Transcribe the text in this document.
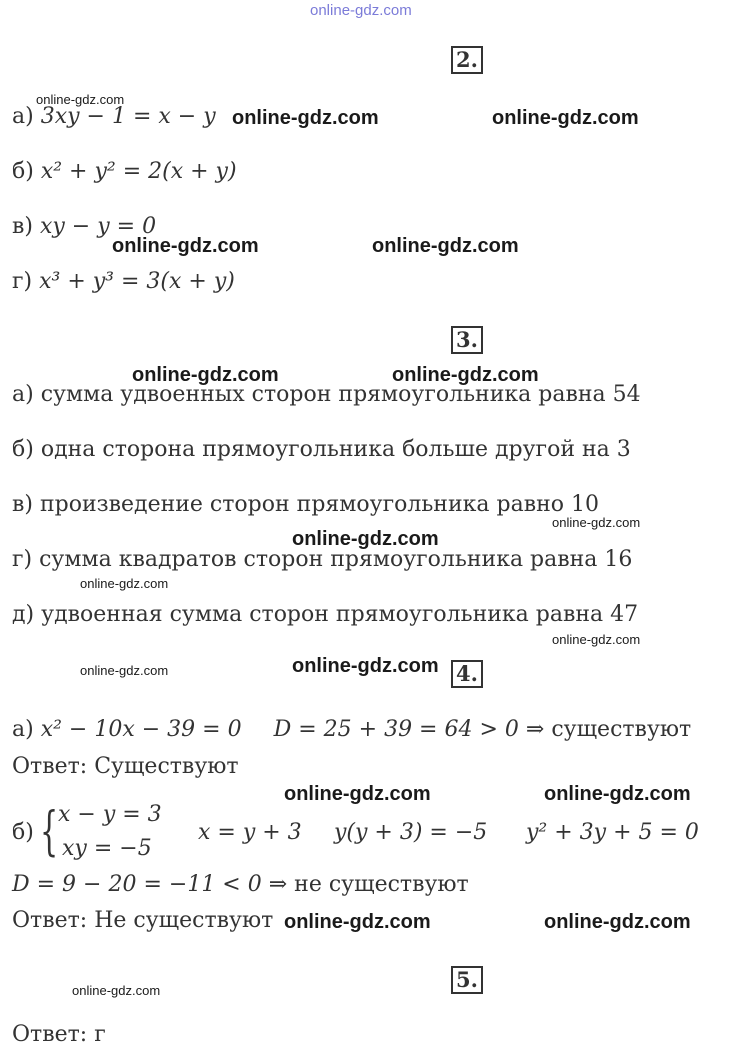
online-gdz.com
2.
а) 3xy − 1 = x − y
б) x² + y² = 2(x + y)
в) xy − y = 0
г) x³ + y³ = 3(x + y)
3.
а) сумма удвоенных сторон прямоугольника равна 54
б) одна сторона прямоугольника больше другой на 3
в) произведение сторон прямоугольника равно 10
г) сумма квадратов сторон прямоугольника равна 16
д) удвоенная сумма сторон прямоугольника равна 47
4.
а) x² − 10x − 39 = 0 D = 25 + 39 = 64 > 0 ⇒ существуют
Ответ: Существуют
б) { x − y = 3
xy = −5
x = y + 3 y(y + 3) = −5 y² + 3y + 5 = 0
D = 9 − 20 = −11 < 0 ⇒ не существуют
Ответ: Не существуют
5.
Ответ: г
online-gdz.com
online-gdz.com	online-gdz.com
online-gdz.com	online-gdz.com
online-gdz.com	online-gdz.com
online-gdz.com
online-gdz.com
online-gdz.com
online-gdz.com
online-gdz.com	online-gdz.com
online-gdz.com	online-gdz.com
online-gdz.com	online-gdz.com
online-gdz.com
